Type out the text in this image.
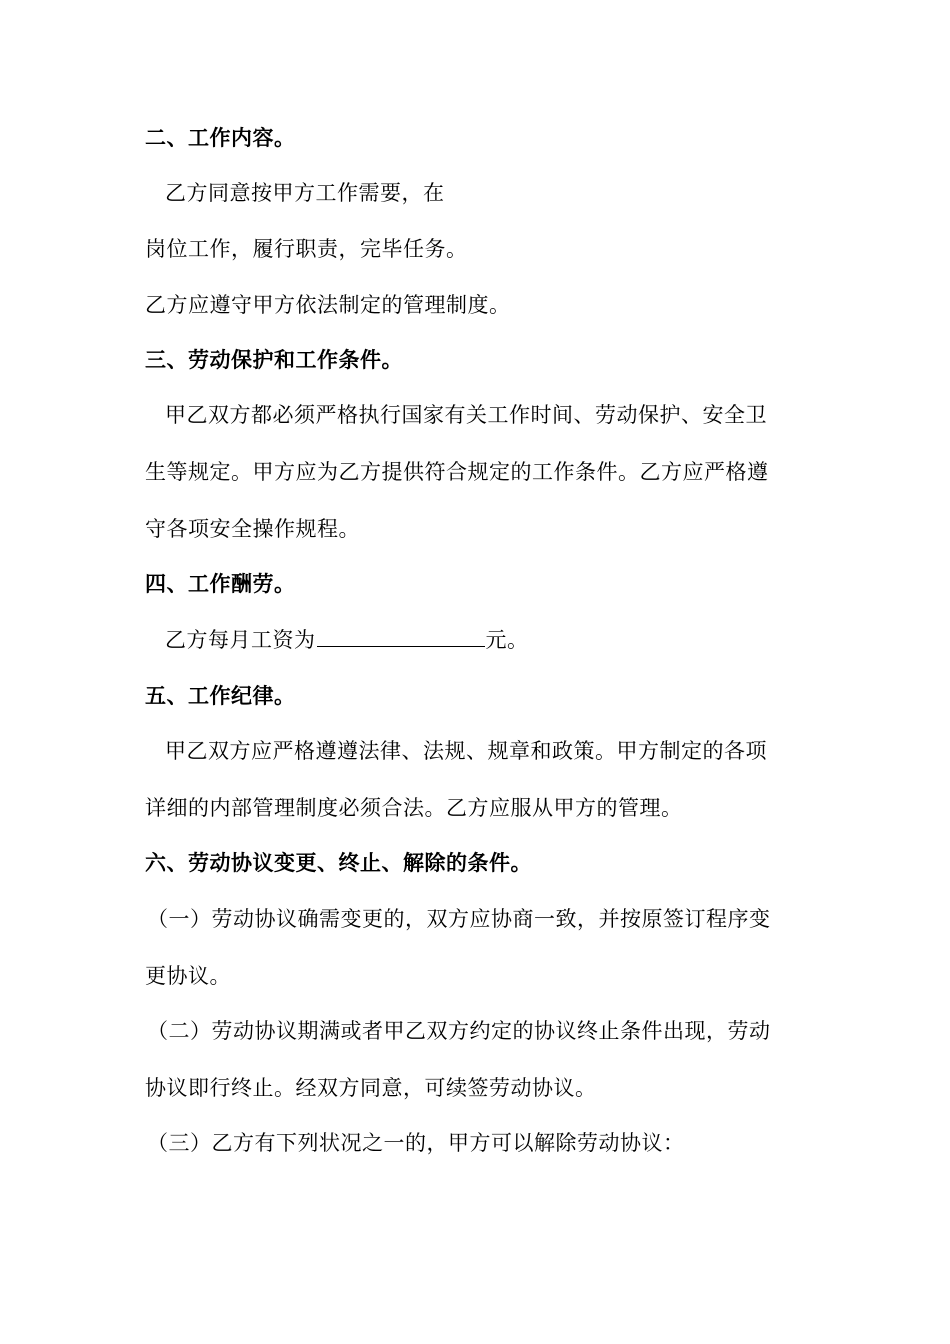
二、工作内容。
乙方同意按甲方工作需要，在
岗位工作，履行职责，完毕任务。
乙方应遵守甲方依法制定的管理制度。
三、劳动保护和工作条件。
甲乙双方都必须严格执行国家有关工作时间、劳动保护、安全卫
生等规定。甲方应为乙方提供符合规定的工作条件。乙方应严格遵
守各项安全操作规程。
四、工作酬劳。
乙方每月工资为	元。
五、工作纪律。
甲乙双方应严格遵遵法律、法规、规章和政策。甲方制定的各项
详细的内部管理制度必须合法。乙方应服从甲方的管理。
六、劳动协议变更、终止、解除的条件。
（一）劳动协议确需变更的，双方应协商一致，并按原签订程序变
更协议。
（二）劳动协议期满或者甲乙双方约定的协议终止条件出现，劳动
协议即行终止。经双方同意，可续签劳动协议。
（三）乙方有下列状况之一的，甲方可以解除劳动协议：
